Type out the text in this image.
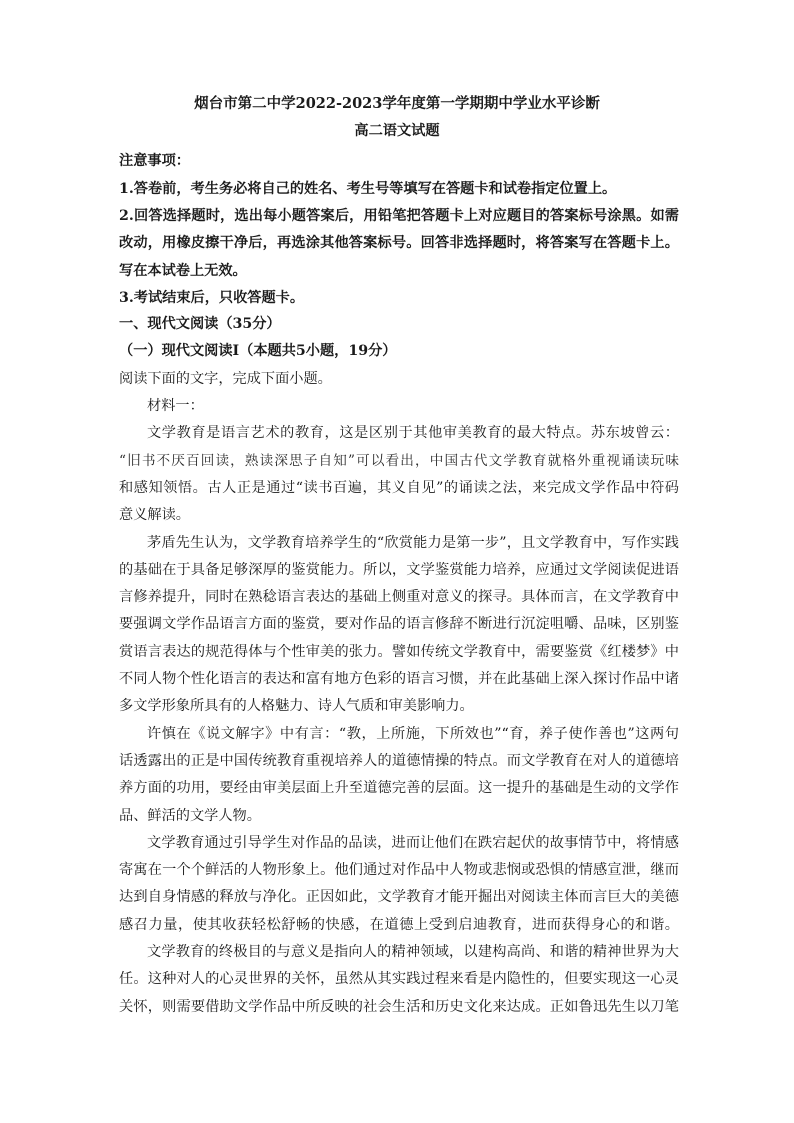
烟台市第二中学2022-2023学年度第一学期期中学业水平诊断
高二语文试题
注意事项：
1.答卷前，考生务必将自己的姓名、考生号等填写在答题卡和试卷指定位置上。
2.回答选择题时，选出每小题答案后，用铅笔把答题卡上对应题目的答案标号涂黑。如需
改动，用橡皮擦干净后，再选涂其他答案标号。回答非选择题时，将答案写在答题卡上。
写在本试卷上无效。
3.考试结束后，只收答题卡。
一、现代文阅读（35分）
（一）现代文阅读I（本题共5小题，19分）
阅读下面的文字，完成下面小题。
材料一：
文学教育是语言艺术的教育，这是区别于其他审美教育的最大特点。苏东坡曾云：
“旧书不厌百回读，熟读深思子自知”可以看出，中国古代文学教育就格外重视诵读玩味
和感知领悟。古人正是通过“读书百遍，其义自见”的诵读之法，来完成文学作品中符码
意义解读。
茅盾先生认为，文学教育培养学生的“欣赏能力是第一步”，且文学教育中，写作实践
的基础在于具备足够深厚的鉴赏能力。所以，文学鉴赏能力培养，应通过文学阅读促进语
言修养提升，同时在熟稔语言表达的基础上侧重对意义的探寻。具体而言，在文学教育中
要强调文学作品语言方面的鉴赏，要对作品的语言修辞不断进行沉淀咀嚼、品味，区别鉴
赏语言表达的规范得体与个性审美的张力。譬如传统文学教育中，需要鉴赏《红楼梦》中
不同人物个性化语言的表达和富有地方色彩的语言习惯，并在此基础上深入探讨作品中诸
多文学形象所具有的人格魅力、诗人气质和审美影响力。
许慎在《说文解字》中有言：“教，上所施，下所效也”“育，养子使作善也”这两句
话透露出的正是中国传统教育重视培养人的道德情操的特点。而文学教育在对人的道德培
养方面的功用，要经由审美层面上升至道德完善的层面。这一提升的基础是生动的文学作
品、鲜活的文学人物。
文学教育通过引导学生对作品的品读，进而让他们在跌宕起伏的故事情节中，将情感
寄寓在一个个鲜活的人物形象上。他们通过对作品中人物或悲悯或恐惧的情感宣泄，继而
达到自身情感的释放与净化。正因如此，文学教育才能开掘出对阅读主体而言巨大的美德
感召力量，使其收获轻松舒畅的快感，在道德上受到启迪教育，进而获得身心的和谐。
文学教育的终极目的与意义是指向人的精神领域，以建构高尚、和谐的精神世界为大
任。这种对人的心灵世界的关怀，虽然从其实践过程来看是内隐性的，但要实现这一心灵
关怀，则需要借助文学作品中所反映的社会生活和历史文化来达成。正如鲁迅先生以刀笔
